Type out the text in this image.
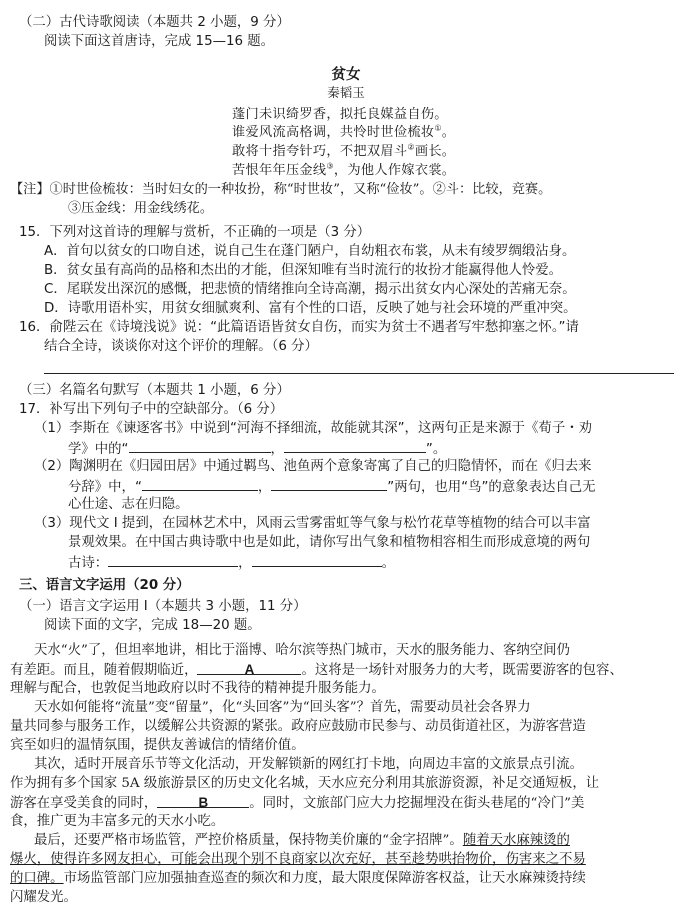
（二）古代诗歌阅读（本题共 2 小题，9 分）
阅读下面这首唐诗，完成 15—16 题。
贫女
秦韬玉
蓬门未识绮罗香，拟托良媒益自伤。
谁爱风流高格调，共怜时世俭梳妆①。
敢将十指夸针巧，不把双眉斗②画长。
苦恨年年压金线③，为他人作嫁衣裳。
【注】①时世俭梳妆：当时妇女的一种妆扮，称“时世妆”，又称“俭妆”。②斗：比较，竞赛。
③压金线：用金线绣花。
15．下列对这首诗的理解与赏析，不正确的一项是（3 分）
A．首句以贫女的口吻自述，说自己生在蓬门陋户，自幼粗衣布裳，从未有绫罗绸缎沾身。
B．贫女虽有高尚的品格和杰出的才能，但深知唯有当时流行的妆扮才能赢得他人怜爱。
C．尾联发出深沉的感慨，把悲愤的情绪推向全诗高潮，揭示出贫女内心深处的苦痛无奈。
D．诗歌用语朴实，用贫女细腻爽利、富有个性的口语，反映了她与社会环境的严重冲突。
16．俞陛云在《诗境浅说》说：“此篇语语皆贫女自伤，而实为贫士不遇者写牢愁抑塞之怀。”请
结合全诗，谈谈你对这个评价的理解。（6 分）
（三）名篇名句默写（本题共 1 小题，6 分）
17．补写出下列句子中的空缺部分。（6 分）
（1）李斯在《谏逐客书》中说到“河海不择细流，故能就其深”，这两句正是来源于《荀子・劝
学》中的“	，	”。
（2）陶渊明在《归园田居》中通过羁鸟、池鱼两个意象寄寓了自己的归隐情怀，而在《归去来
兮辞》中，“	，	”两句，也用“鸟”的意象表达自己无
心仕途、志在归隐。
（3）现代文 I 提到，在园林艺术中，风雨云雪雾雷虹等气象与松竹花草等植物的结合可以丰富
景观效果。在中国古典诗歌中也是如此，请你写出气象和植物相容相生而形成意境的两句
古诗：	，	。
三、语言文字运用（20 分）
（一）语言文字运用 I（本题共 3 小题，11 分）
阅读下面的文字，完成 18—20 题。
天水“火”了，但坦率地讲，相比于淄博、哈尔滨等热门城市，天水的服务能力、客纳空间仍
有差距。而且，随着假期临近，	A	。这将是一场针对服务力的大考，既需要游客的包容、
理解与配合，也敦促当地政府以时不我待的精神提升服务能力。
天水如何能将“流量”变“留量”，化“头回客”为“回头客”？首先，需要动员社会各界力
量共同参与服务工作，以缓解公共资源的紧张。政府应鼓励市民参与、动员街道社区，为游客营造
宾至如归的温情氛围，提供友善诚信的情绪价值。
其次，适时开展音乐节等文化活动，开发解锁新的网红打卡地，向周边丰富的文旅景点引流。
作为拥有多个国家 5A 级旅游景区的历史文化名城，天水应充分利用其旅游资源，补足交通短板，让
游客在享受美食的同时，	B	。同时，文旅部门应大力挖掘埋没在街头巷尾的“冷门”美
食，推广更为丰富多元的天水小吃。
最后，还要严格市场监管，严控价格质量，保持物美价廉的“金字招牌”。随着天水麻辣烫的
爆火，使得许多网友担心，可能会出现个别不良商家以次充好，甚至趁势哄抬物价，伤害来之不易
的口碑。市场监管部门应加强抽查巡查的频次和力度，最大限度保障游客权益，让天水麻辣烫持续
闪耀发光。
